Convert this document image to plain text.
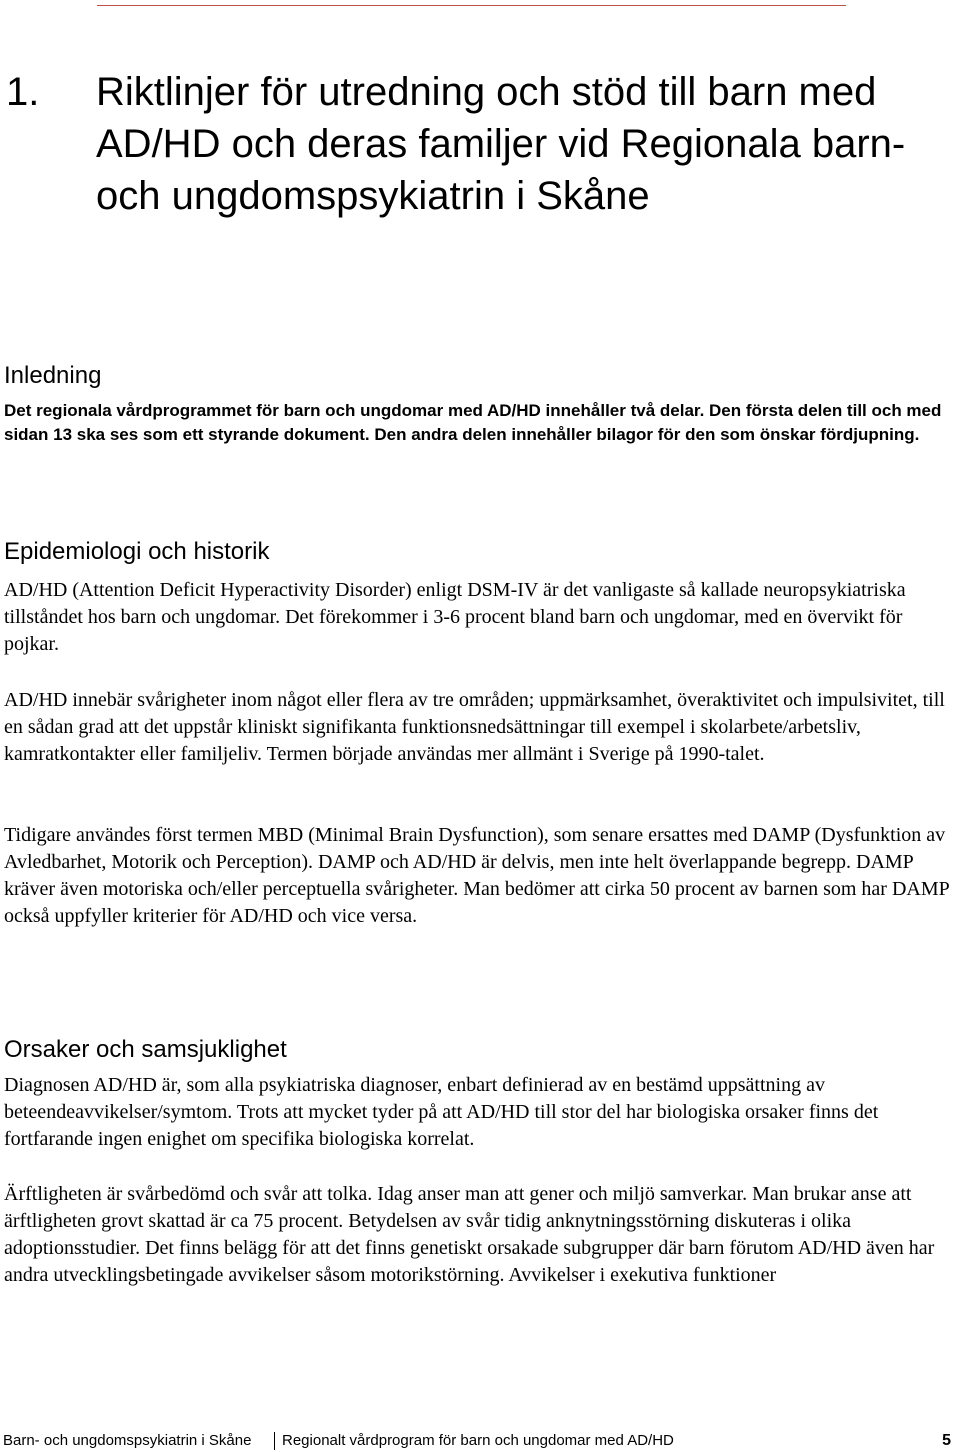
1. Riktlinjer för utredning och stöd till barn med AD/HD och deras familjer vid Regionala barn- och ungdomspsykiatrin i Skåne
Inledning

Det regionala vårdprogrammet för barn och ungdomar med AD/HD innehåller två delar. Den första delen till och med sidan 13 ska ses som ett styrande dokument. Den andra delen innehåller bilagor för den som önskar fördjupning.

Epidemiologi och historik

AD/HD (Attention Deficit Hyperactivity Disorder) enligt DSM-IV är det vanligaste så kallade neuropsykiatriska tillståndet hos barn och ungdomar. Det förekommer i 3-6 procent bland barn och ungdomar, med en övervikt för pojkar.

AD/HD innebär svårigheter inom något eller flera av tre områden; uppmärksamhet, överaktivitet och impulsivitet, till en sådan grad att det uppstår kliniskt signifikanta funktionsnedsättningar till exempel i skolarbete/arbetsliv, kamratkontakter eller familjeliv. Termen började användas mer allmänt i Sverige på 1990-talet.

Tidigare användes först termen MBD (Minimal Brain Dysfunction), som senare ersattes med DAMP (Dysfunktion av Avledbarhet, Motorik och Perception). DAMP och AD/HD är delvis, men inte helt överlappande begrepp. DAMP kräver även motoriska och/eller perceptuella svårigheter. Man bedömer att cirka 50 procent av barnen som har DAMP också uppfyller kriterier för AD/HD och vice versa.

Orsaker och samsjuklighet

Diagnosen AD/HD är, som alla psykiatriska diagnoser, enbart definierad av en bestämd uppsättning av beteendeavvikelser/symtom. Trots att mycket tyder på att AD/HD till stor del har biologiska orsaker finns det fortfarande ingen enighet om specifika biologiska korrelat.

Ärftligheten är svårbedömd och svår att tolka. Idag anser man att gener och miljö samverkar. Man brukar anse att ärftligheten grovt skattad är ca 75 procent. Betydelsen av svår tidig anknytningsstörning diskuteras i olika adoptionsstudier. Det finns belägg för att det finns genetiskt orsakade subgrupper där barn förutom AD/HD även har andra utvecklingsbetingade avvikelser såsom motorikstörning. Avvikelser i exekutiva funktioner

Barn- och ungdomspsykiatrin i Skåne Regionalt vårdprogram för barn och ungdomar med AD/HD	5
